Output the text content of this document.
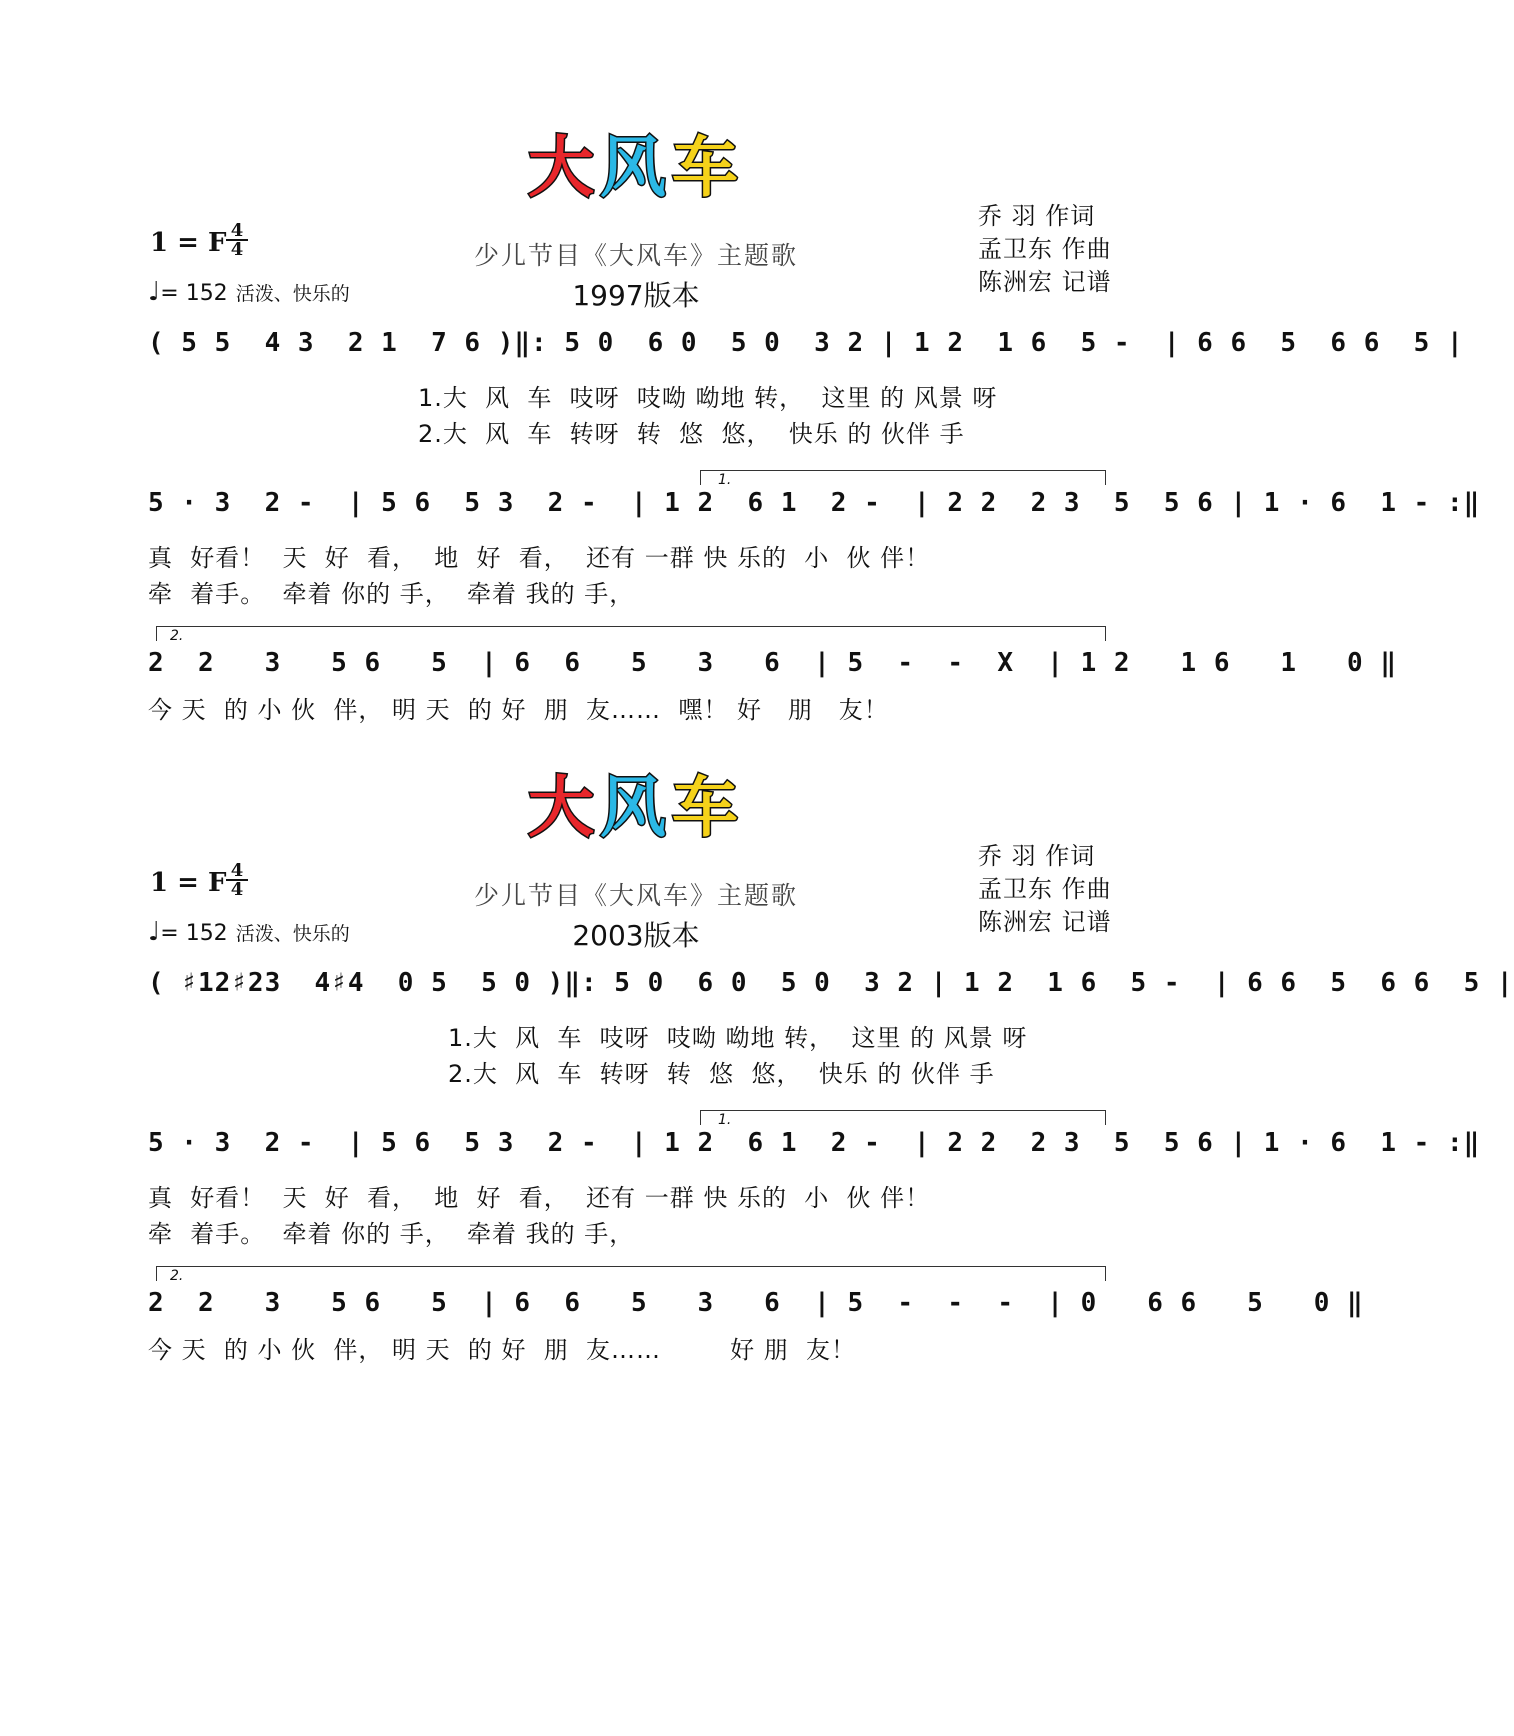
大风车
1 = F 4
4
♩= 152 活泼、快乐的
少儿节目《大风车》主题歌
1997版本
乔 羽 作词
孟卫东 作曲
陈洲宏 记谱
( 5 5  4 3  2 1  7 6 )‖: 5 0  6 0  5 0  3 2 | 1 2  1 6  5 -  | 6 6  5  6 6  5 |
1.大  风  车  吱呀  吱呦 呦地 转，  这里 的 风景 呀
2.大  风  车  转呀  转  悠  悠，  快乐 的 伙伴 手
1.
5 · 3  2 -  | 5 6  5 3  2 -  | 1 2  6 1  2 -  | 2 2  2 3  5  5 6 | 1 · 6  1 - :‖
真  好看！  天  好  看，  地  好  看，  还有 一群 快 乐的  小  伙 伴！
牵  着手。  牵着 你的 手，  牵着 我的 手，
2.
2  2   3   5 6   5  | 6  6   5   3   6  | 5  -  -  X  | 1 2   1 6   1   0 ‖
今 天  的 小 伙  伴， 明 天  的 好  朋  友……  嘿！ 好   朋   友！
大风车
1 = F 4
4
♩= 152 活泼、快乐的
少儿节目《大风车》主题歌
2003版本
乔 羽 作词
孟卫东 作曲
陈洲宏 记谱
( ♯12♯23  4♯4  0 5  5 0 )‖: 5 0  6 0  5 0  3 2 | 1 2  1 6  5 -  | 6 6  5  6 6  5 |
1.大  风  车  吱呀  吱呦 呦地 转，  这里 的 风景 呀
2.大  风  车  转呀  转  悠  悠，  快乐 的 伙伴 手
1.
5 · 3  2 -  | 5 6  5 3  2 -  | 1 2  6 1  2 -  | 2 2  2 3  5  5 6 | 1 · 6  1 - :‖
真  好看！  天  好  看，  地  好  看，  还有 一群 快 乐的  小  伙 伴！
牵  着手。  牵着 你的 手，  牵着 我的 手，
2.
2  2   3   5 6   5  | 6  6   5   3   6  | 5  -  -  -  | 0   6 6   5   0 ‖
今 天  的 小 伙  伴， 明 天  的 好  朋  友……        好 朋  友！
